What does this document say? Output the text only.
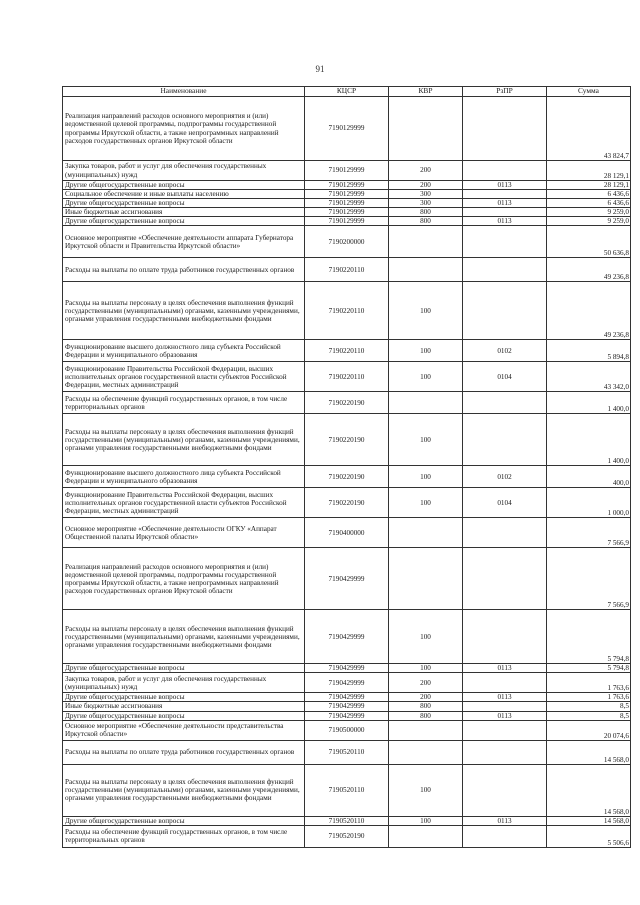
91
Наименование	КЦСР	КВР	РзПР	Сумма
Реализация направлений расходов основного мероприятия и (или) ведомственной целевой программы, подпрограммы государственной программы Иркутской области, а также непрограммных направлений расходов государственных органов Иркутской области	7190129999			43 824,7
Закупка товаров, работ и услуг для обеспечения государственных (муниципальных) нужд	7190129999	200		28 129,1
Другие общегосударственные вопросы	7190129999	200	0113	28 129,1
Социальное обеспечение и иные выплаты населению	7190129999	300		6 436,6
Другие общегосударственные вопросы	7190129999	300	0113	6 436,6
Иные бюджетные ассигнования	7190129999	800		9 259,0
Другие общегосударственные вопросы	7190129999	800	0113	9 259,0
Основное мероприятие «Обеспечение деятельности аппарата Губернатора Иркутской области и Правительства Иркутской области»	7190200000			50 636,8
Расходы на выплаты по оплате труда работников государственных органов	7190220110			49 236,8
Расходы на выплаты персоналу в целях обеспечения выполнения функций государственными (муниципальными) органами, казенными учреждениями, органами управления государственными внебюджетными фондами	7190220110	100		49 236,8
Функционирование высшего должностного лица субъекта Российской Федерации и муниципального образования	7190220110	100	0102	5 894,8
Функционирование Правительства Российской Федерации, высших исполнительных органов государственной власти субъектов Российской Федерации, местных администраций	7190220110	100	0104	43 342,0
Расходы на обеспечение функций государственных органов, в том числе территориальных органов	7190220190			1 400,0
Расходы на выплаты персоналу в целях обеспечения выполнения функций государственными (муниципальными) органами, казенными учреждениями, органами управления государственными внебюджетными фондами	7190220190	100		1 400,0
Функционирование высшего должностного лица субъекта Российской Федерации и муниципального образования	7190220190	100	0102	400,0
Функционирование Правительства Российской Федерации, высших исполнительных органов государственной власти субъектов Российской Федерации, местных администраций	7190220190	100	0104	1 000,0
Основное мероприятие «Обеспечение деятельности ОГКУ «Аппарат Общественной палаты Иркутской области»	7190400000			7 566,9
Реализация направлений расходов основного мероприятия и (или) ведомственной целевой программы, подпрограммы государственной программы Иркутской области, а также непрограммных направлений расходов государственных органов Иркутской области	7190429999			7 566,9
Расходы на выплаты персоналу в целях обеспечения выполнения функций государственными (муниципальными) органами, казенными учреждениями, органами управления государственными внебюджетными фондами	7190429999	100		5 794,8
Другие общегосударственные вопросы	7190429999	100	0113	5 794,8
Закупка товаров, работ и услуг для обеспечения государственных (муниципальных) нужд	7190429999	200		1 763,6
Другие общегосударственные вопросы	7190429999	200	0113	1 763,6
Иные бюджетные ассигнования	7190429999	800		8,5
Другие общегосударственные вопросы	7190429999	800	0113	8,5
Основное мероприятие «Обеспечение деятельности представительства Иркутской области»	7190500000			20 074,6
Расходы на выплаты по оплате труда работников государственных органов	7190520110			14 568,0
Расходы на выплаты персоналу в целях обеспечения выполнения функций государственными (муниципальными) органами, казенными учреждениями, органами управления государственными внебюджетными фондами	7190520110	100		14 568,0
Другие общегосударственные вопросы	7190520110	100	0113	14 568,0
Расходы на обеспечение функций государственных органов, в том числе территориальных органов	7190520190			5 506,6
